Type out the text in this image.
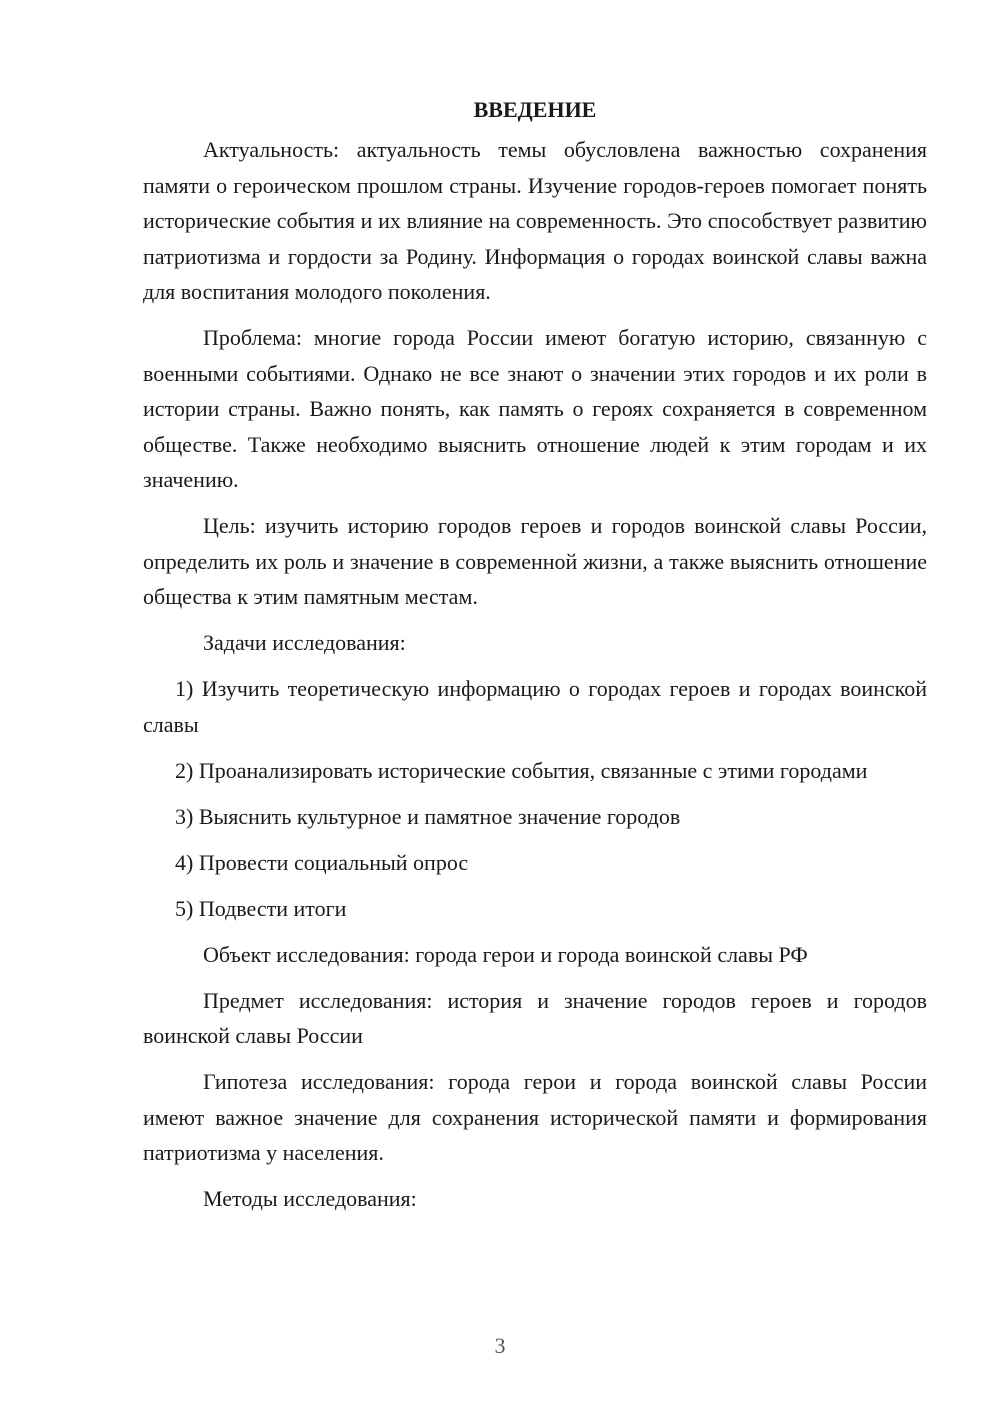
ВВЕДЕНИЕ

Актуальность: актуальность темы обусловлена важностью сохранения памяти о героическом прошлом страны. Изучение городов-героев помогает понять исторические события и их влияние на современность. Это способствует развитию патриотизма и гордости за Родину. Информация о городах воинской славы важна для воспитания молодого поколения.

Проблема: многие города России имеют богатую историю, связанную с военными событиями. Однако не все знают о значении этих городов и их роли в истории страны. Важно понять, как память о героях сохраняется в современном обществе. Также необходимо выяснить отношение людей к этим городам и их значению.

Цель: изучить историю городов героев и городов воинской славы России, определить их роль и значение в современной жизни, а также выяснить отношение общества к этим памятным местам.

Задачи исследования:

1) Изучить теоретическую информацию о городах героев и городах воинской славы

2) Проанализировать исторические события, связанные с этими городами

3) Выяснить культурное и памятное значение городов

4) Провести социальный опрос

5) Подвести итоги

Объект исследования: города герои и города воинской славы РФ

Предмет исследования: история и значение городов героев и городов воинской славы России

Гипотеза исследования: города герои и города воинской славы России имеют важное значение для сохранения исторической памяти и формирования патриотизма у населения.

Методы исследования:

3
